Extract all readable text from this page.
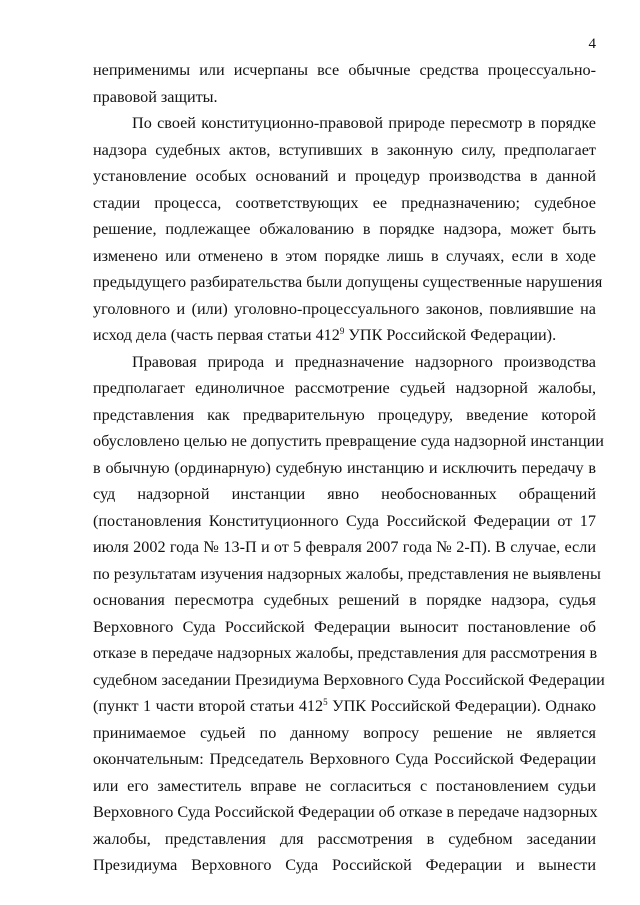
4
неприменимы или исчерпаны все обычные средства процессуально-
правовой защиты.
По своей конституционно-правовой природе пересмотр в порядке
надзора судебных актов, вступивших в законную силу, предполагает
установление особых оснований и процедур производства в данной
стадии процесса, соответствующих ее предназначению; судебное
решение, подлежащее обжалованию в порядке надзора, может быть
изменено или отменено в этом порядке лишь в случаях, если в ходе
предыдущего разбирательства были допущены существенные нарушения
уголовного и (или) уголовно-процессуального законов, повлиявшие на
исход дела (часть первая статьи $412^9$ УПК Российской Федерации).
Правовая природа и предназначение надзорного производства
предполагает единоличное рассмотрение судьей надзорной жалобы,
представления как предварительную процедуру, введение которой
обусловлено целью не допустить превращение суда надзорной инстанции
в обычную (ординарную) судебную инстанцию и исключить передачу в
суд надзорной инстанции явно необоснованных обращений
(постановления Конституционного Суда Российской Федерации от 17
июля 2002 года № 13-П и от 5 февраля 2007 года № 2-П). В случае, если
по результатам изучения надзорных жалобы, представления не выявлены
основания пересмотра судебных решений в порядке надзора, судья
Верховного Суда Российской Федерации выносит постановление об
отказе в передаче надзорных жалобы, представления для рассмотрения в
судебном заседании Президиума Верховного Суда Российской Федерации
(пункт 1 части второй статьи $412^5$ УПК Российской Федерации). Однако
принимаемое судьей по данному вопросу решение не является
окончательным: Председатель Верховного Суда Российской Федерации
или его заместитель вправе не согласиться с постановлением судьи
Верховного Суда Российской Федерации об отказе в передаче надзорных
жалобы, представления для рассмотрения в судебном заседании
Президиума Верховного Суда Российской Федерации и вынести
